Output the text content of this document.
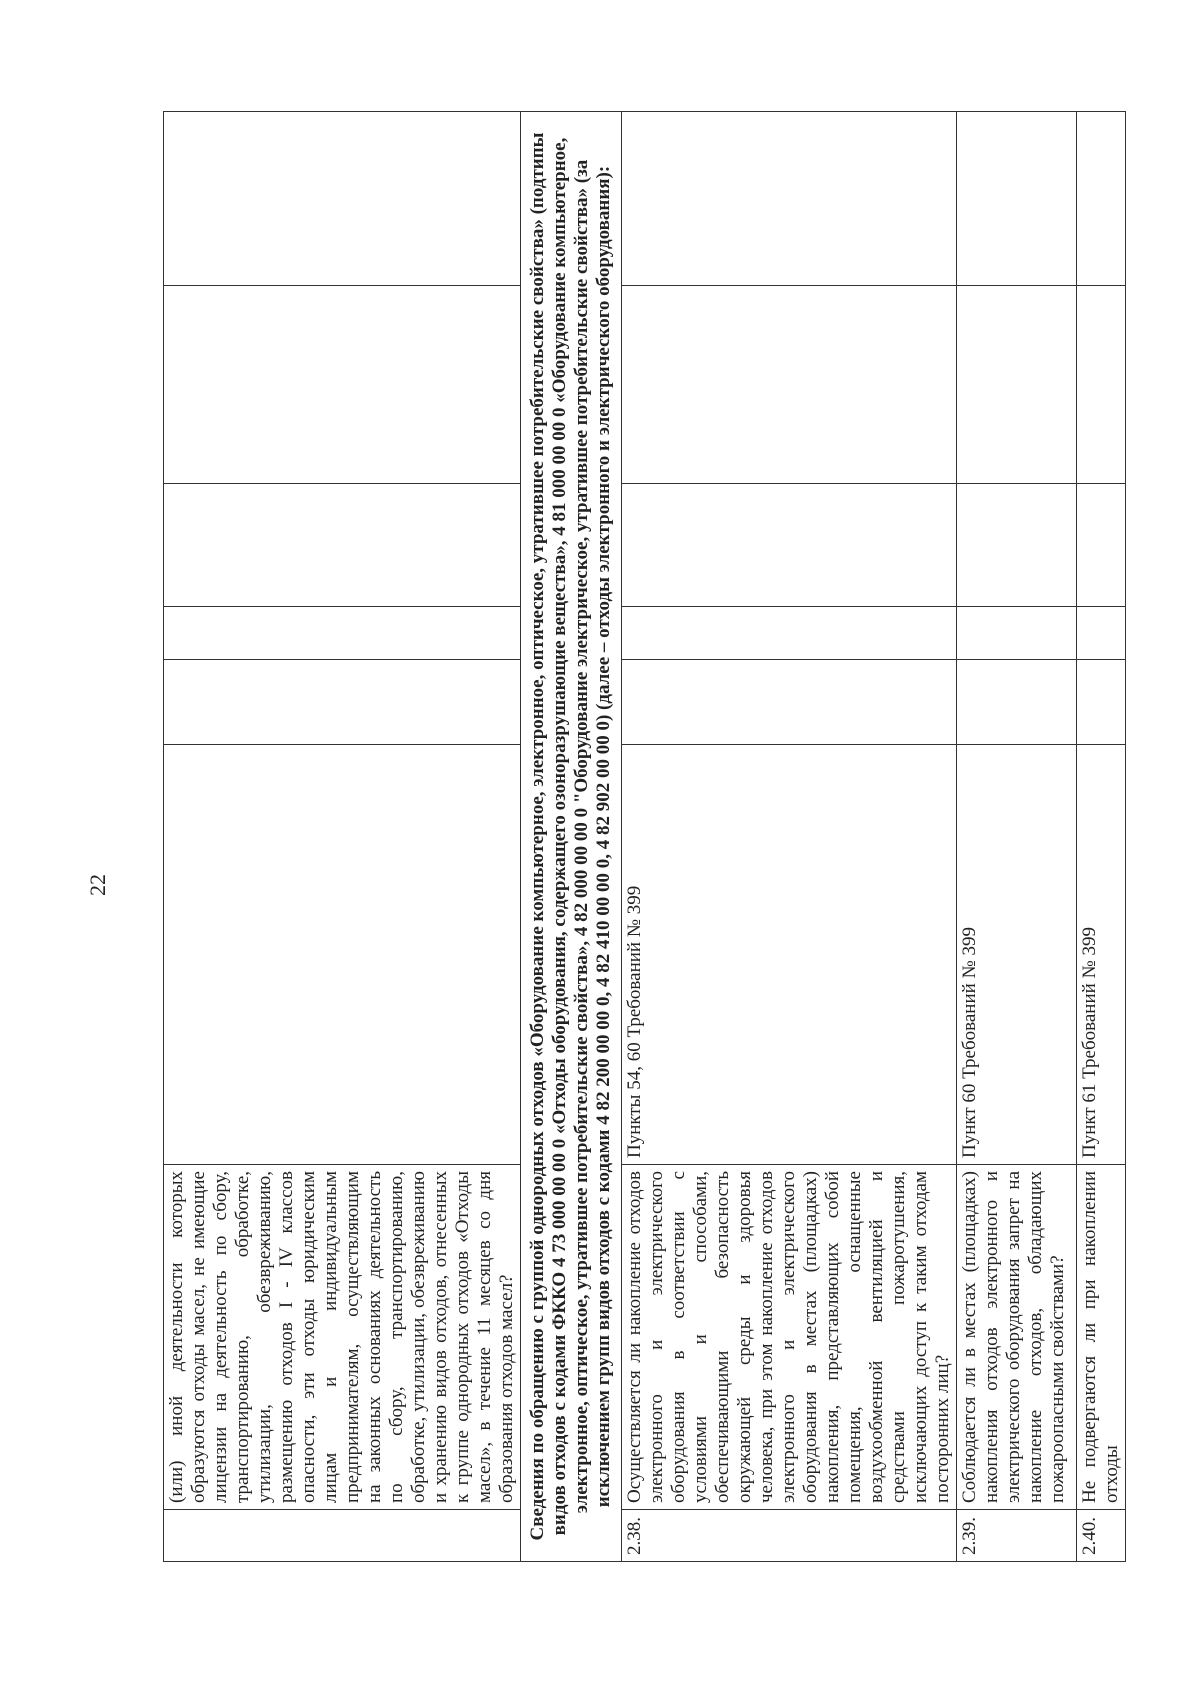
22
	(или) иной деятельности которых образуются отходы масел, не имеющие лицензии на деятельность по сбору, транспортированию, обработке, утилизации, обезвреживанию, размещению отходов I - IV классов опасности, эти отходы юридическим лицам и индивидуальным предпринимателям, осуществляющим на законных основаниях деятельность по сбору, транспортированию, обработке, утилизации, обезвреживанию и хранению видов отходов, отнесенных к группе однородных отходов «Отходы масел», в течение 11 месяцев со дня образования отходов масел?						
Сведения по обращению с группой однородных отходов «Оборудование компьютерное, электронное, оптическое, утратившее потребительские свойства» (подтипы видов отходов с кодами ФККО 4 73 000 00 00 0 «Отходы оборудования, содержащего озоноразрушающие вещества», 4 81 000 00 00 0 «Оборудование компьютерное, электронное, оптическое, утратившее потребительские свойства», 4 82 000 00 00 0 "Оборудование электрическое, утратившее потребительские свойства» (за исключением групп видов отходов с кодами 4 82 200 00 00 0, 4 82 410 00 00 0, 4 82 902 00 00 0) (далее – отходы электронного и электрического оборудования):							
2.38.	Осуществляется ли накопление отходов электронного и электрического оборудования в соответствии с условиями и способами, обеспечивающими безопасность окружающей среды и здоровья человека, при этом накопление отходов электронного и электрического оборудования в местах (площадках) накопления, представляющих собой помещения, оснащенные воздухообменной вентиляцией и средствами пожаротушения, исключающих доступ к таким отходам посторонних лиц?	Пункты 54, 60 Требований № 399					
2.39.	Соблюдается ли в местах (площадках) накопления отходов электронного и электрического оборудования запрет на накопление отходов, обладающих пожароопасными свойствами?	Пункт 60 Требований № 399					
2.40.	Не подвергаются ли при накоплении отходы	Пункт 61 Требований № 399					
